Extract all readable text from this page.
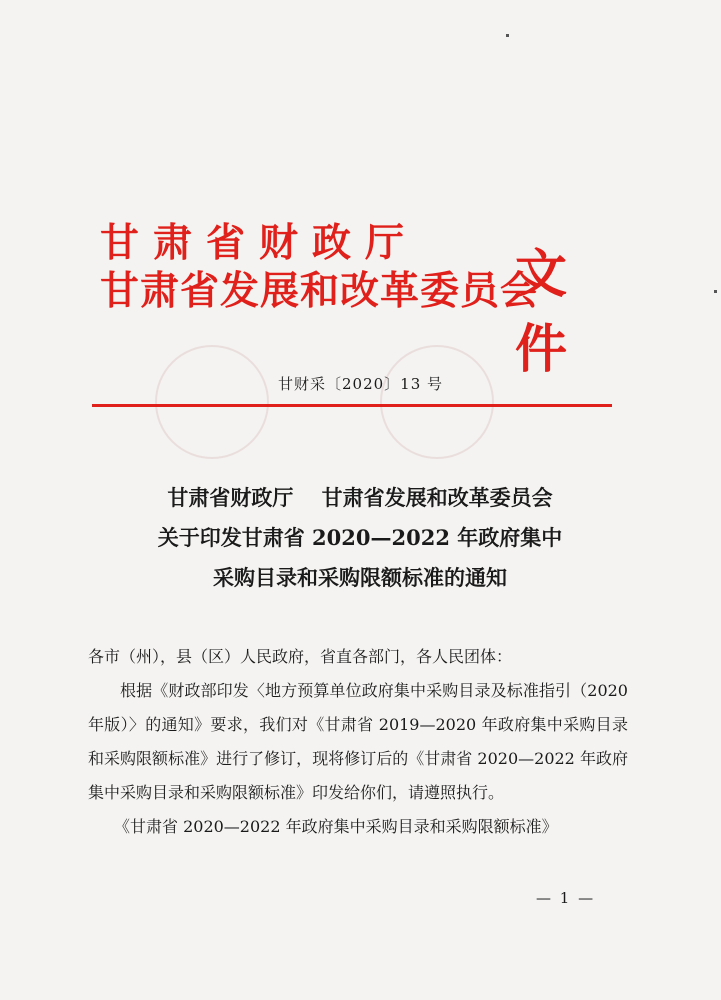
甘肃省财政厅
甘肃省发展和改革委员会
文件
甘财采〔2020〕13 号
甘肃省财政厅　 甘肃省发展和改革委员会
关于印发甘肃省 2020—2022 年政府集中
采购目录和采购限额标准的通知

各市（州），县（区）人民政府，省直各部门，各人民团体：

根据《财政部印发〈地方预算单位政府集中采购目录及标准指引（2020 年版）〉的通知》要求，我们对《甘肃省 2019—2020 年政府集中采购目录和采购限额标准》进行了修订，现将修订后的《甘肃省 2020—2022 年政府集中采购目录和采购限额标准》印发给你们，请遵照执行。

《甘肃省 2020—2022 年政府集中采购目录和采购限额标准》

— 1 —
